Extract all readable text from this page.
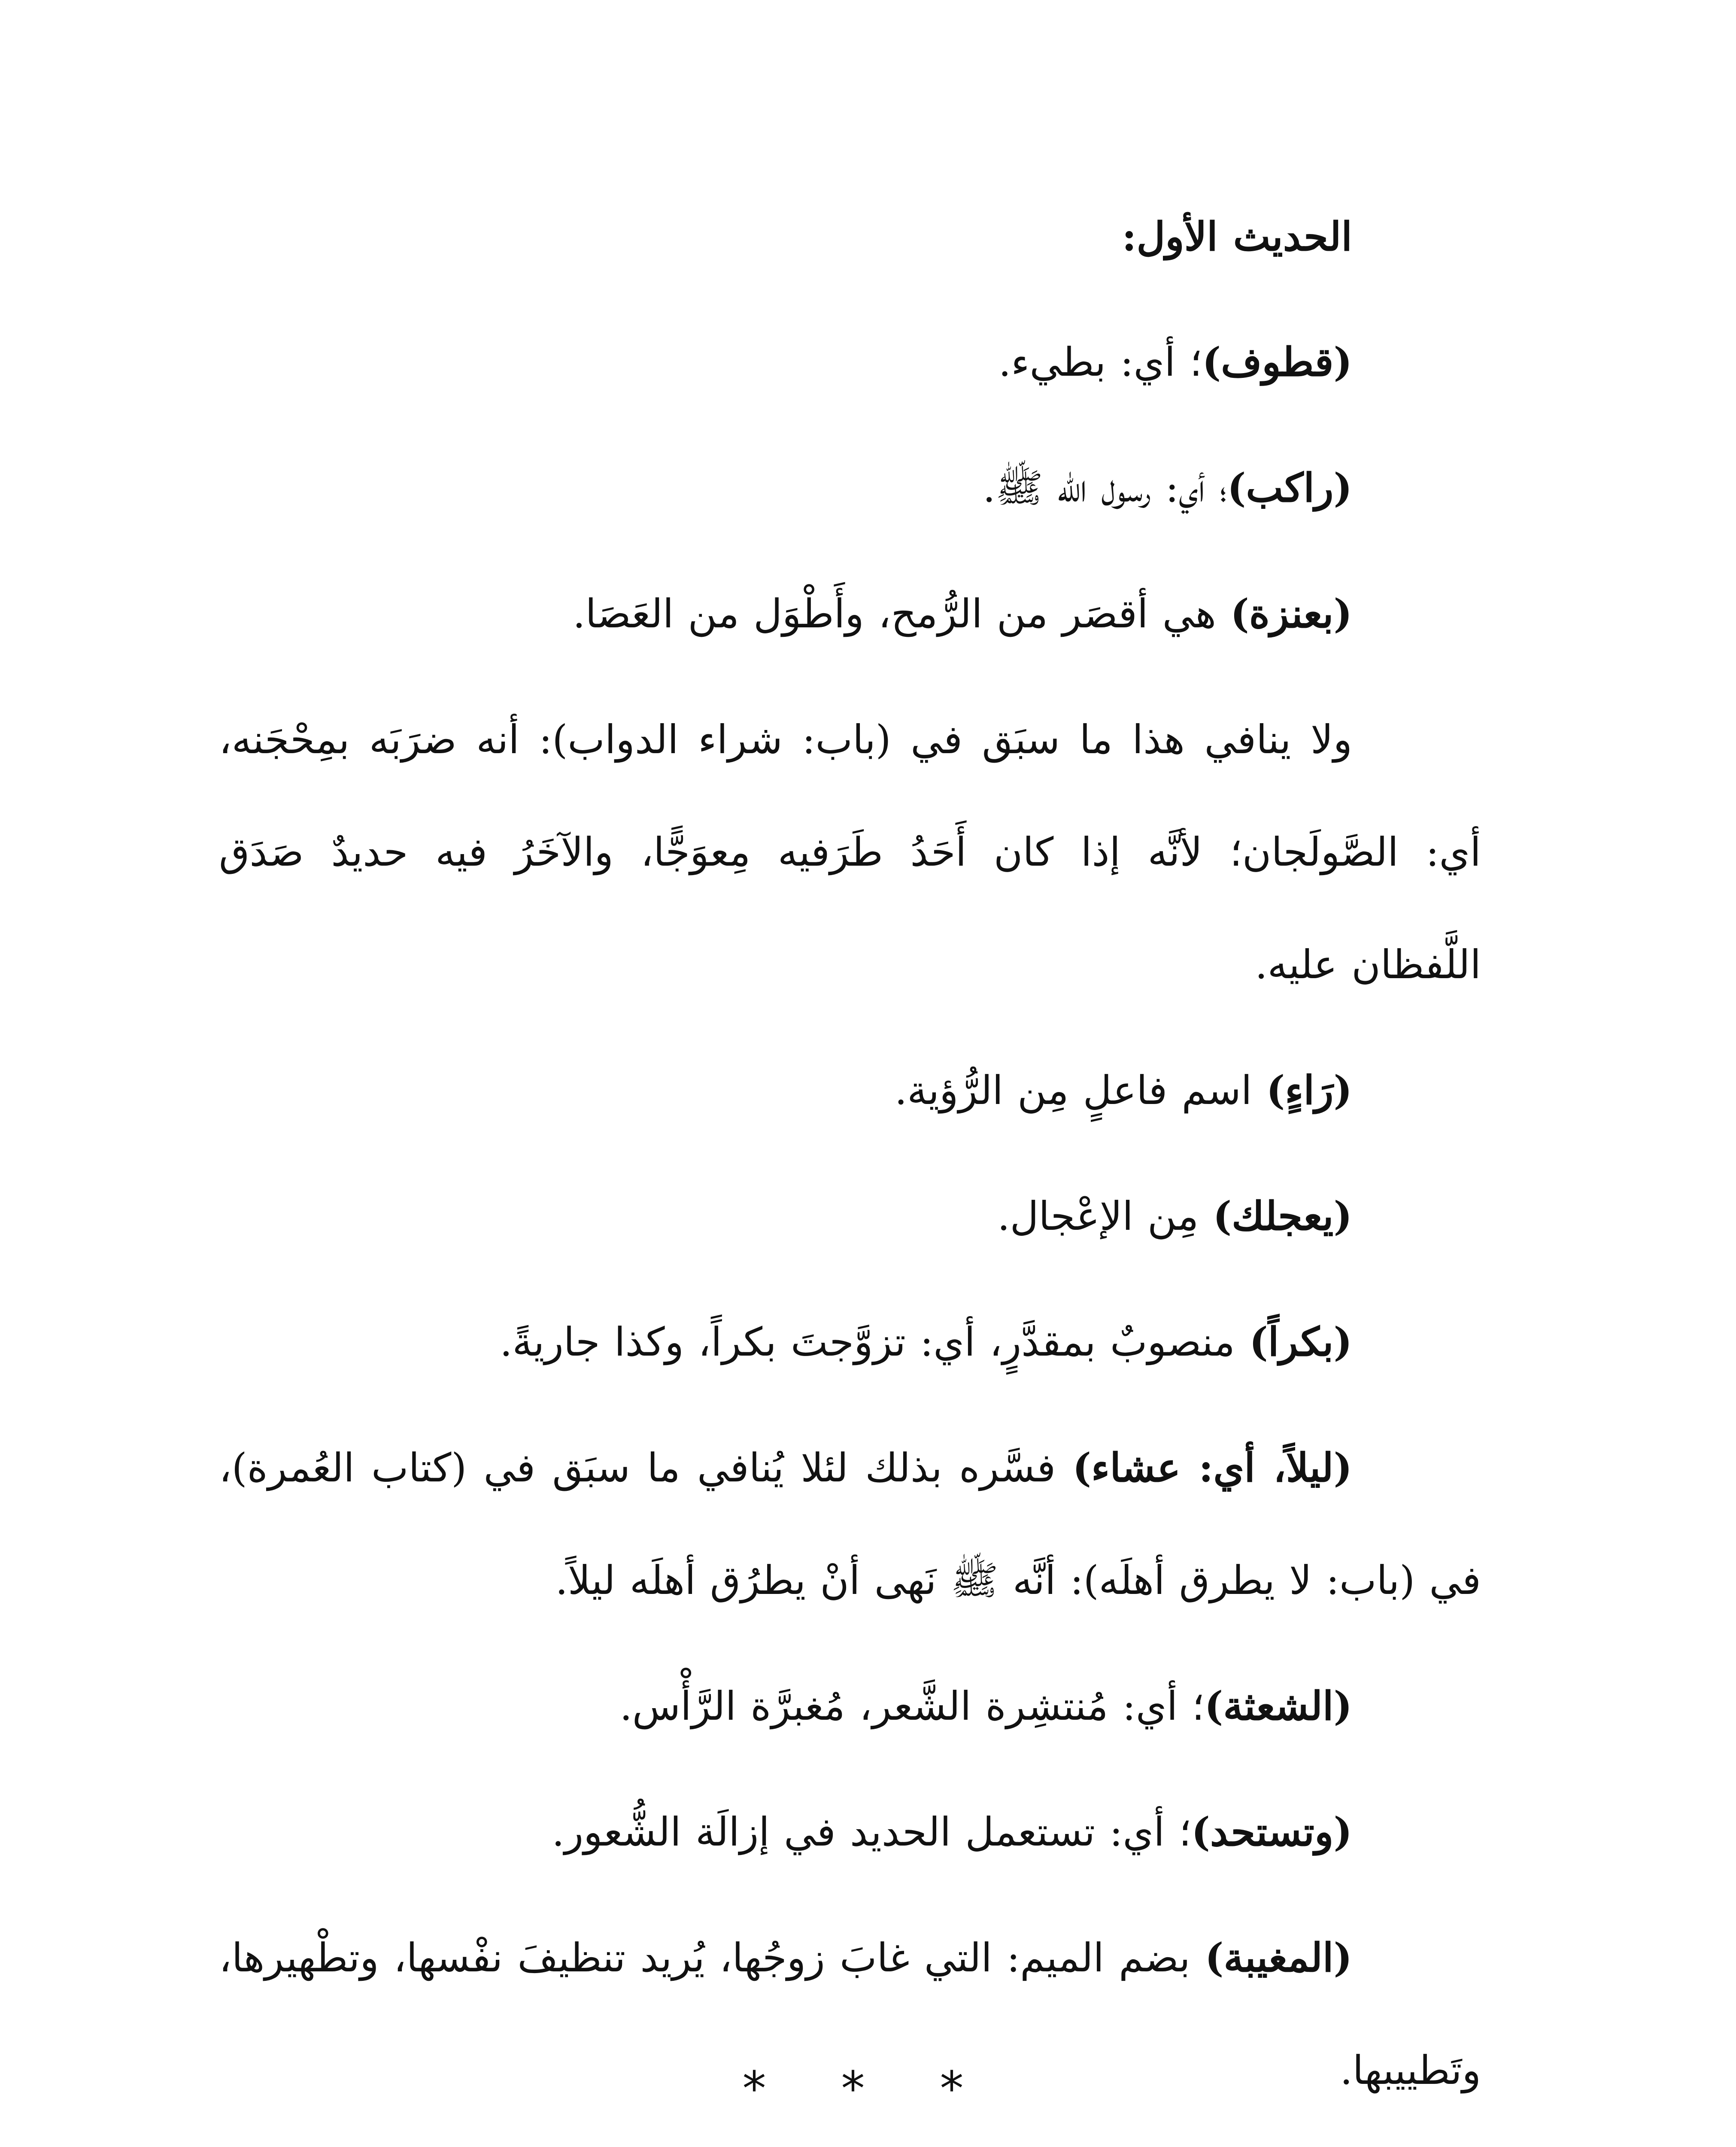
الحديث الأول:

(قطوف)؛ أي: بطيء.

(راكب)؛ أي: رسول الله ﷺ.

(بعنزة) هي أقصَر من الرُّمح، وأَطْوَل من العَصَا.

ولا ينافي هذا ما سبَق في (باب: شراء الدواب): أنه ضرَبَه بمِحْجَنه، أي: الصَّولَجان؛ لأنَّه إذا كان أَحَدُ طَرَفيه مِعوَجًّا، والآخَرُ فيه حديدٌ صَدَق اللَّفظان عليه.

(رَاءٍ) اسم فاعلٍ مِن الرُّؤية.

(يعجلك) مِن الإعْجال.

(بكراً) منصوبٌ بمقدَّرٍ، أي: تزوَّجتَ بكراً، وكذا جاريةً.

(ليلاً، أي: عشاء) فسَّره بذلك لئلا يُنافي ما سبَق في (كتاب العُمرة)، في (باب: لا يطرق أهلَه): أنَّه ﷺ نَهى أنْ يطرُق أهلَه ليلاً.

(الشعثة)؛ أي: مُنتشِرة الشَّعر، مُغبرَّة الرَّأْس.

(وتستحد)؛ أي: تستعمل الحديد في إزالَة الشُّعور.

(المغيبة) بضم الميم: التي غابَ زوجُها، يُريد تنظيفَ نفْسها، وتطْهيرها، وتَطييبها.

* * *
